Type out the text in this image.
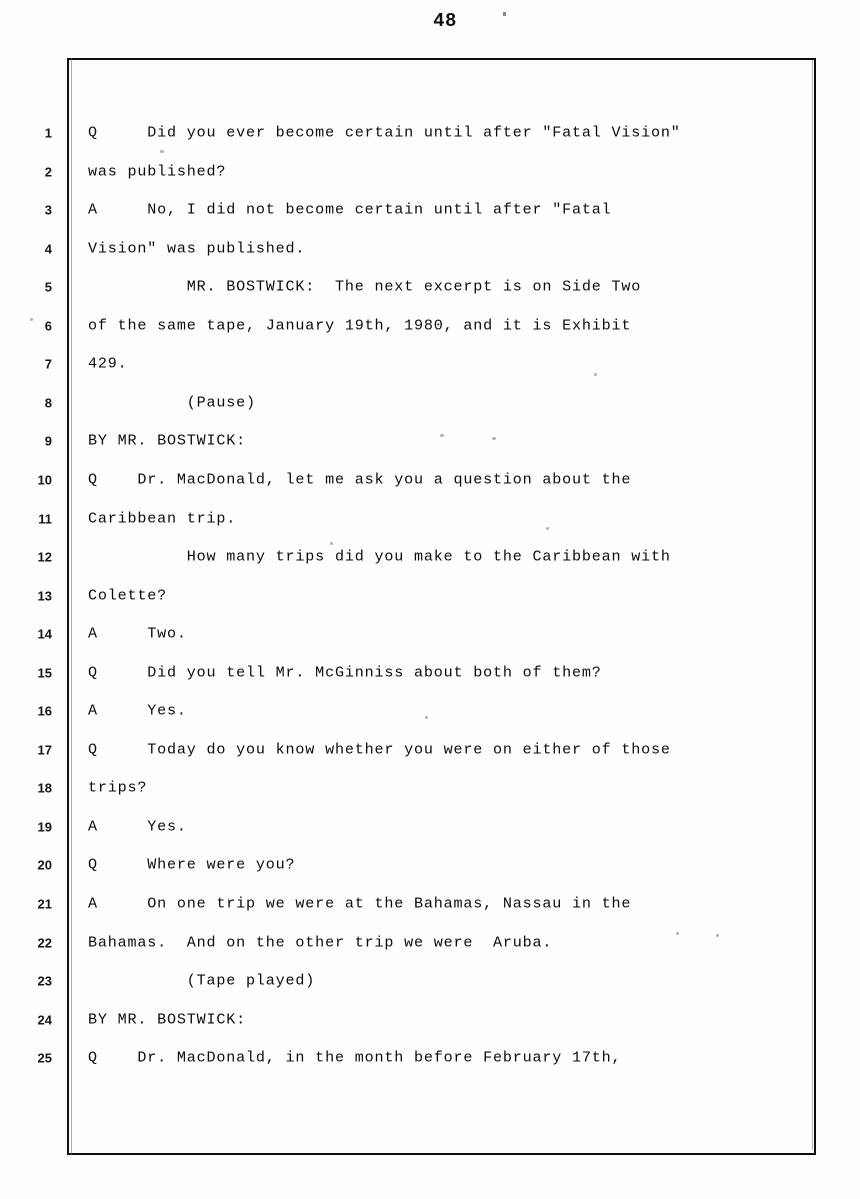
48
1
2
3
4
5
6
7
8
9
10
11
12
13
14
15
16
17
18
19
20
21
22
23
24
25
Q     Did you ever become certain until after "Fatal Vision"
was published?
A     No, I did not become certain until after "Fatal
Vision" was published.
MR. BOSTWICK:  The next excerpt is on Side Two
of the same tape, January 19th, 1980, and it is Exhibit
429.
(Pause)
BY MR. BOSTWICK:
Q    Dr. MacDonald, let me ask you a question about the
Caribbean trip.
How many trips did you make to the Caribbean with
Colette?
A     Two.
Q     Did you tell Mr. McGinniss about both of them?
A     Yes.
Q     Today do you know whether you were on either of those
trips?
A     Yes.
Q     Where were you?
A     On one trip we were at the Bahamas, Nassau in the
Bahamas.  And on the other trip we were  Aruba.
(Tape played)
BY MR. BOSTWICK:
Q    Dr. MacDonald, in the month before February 17th,
